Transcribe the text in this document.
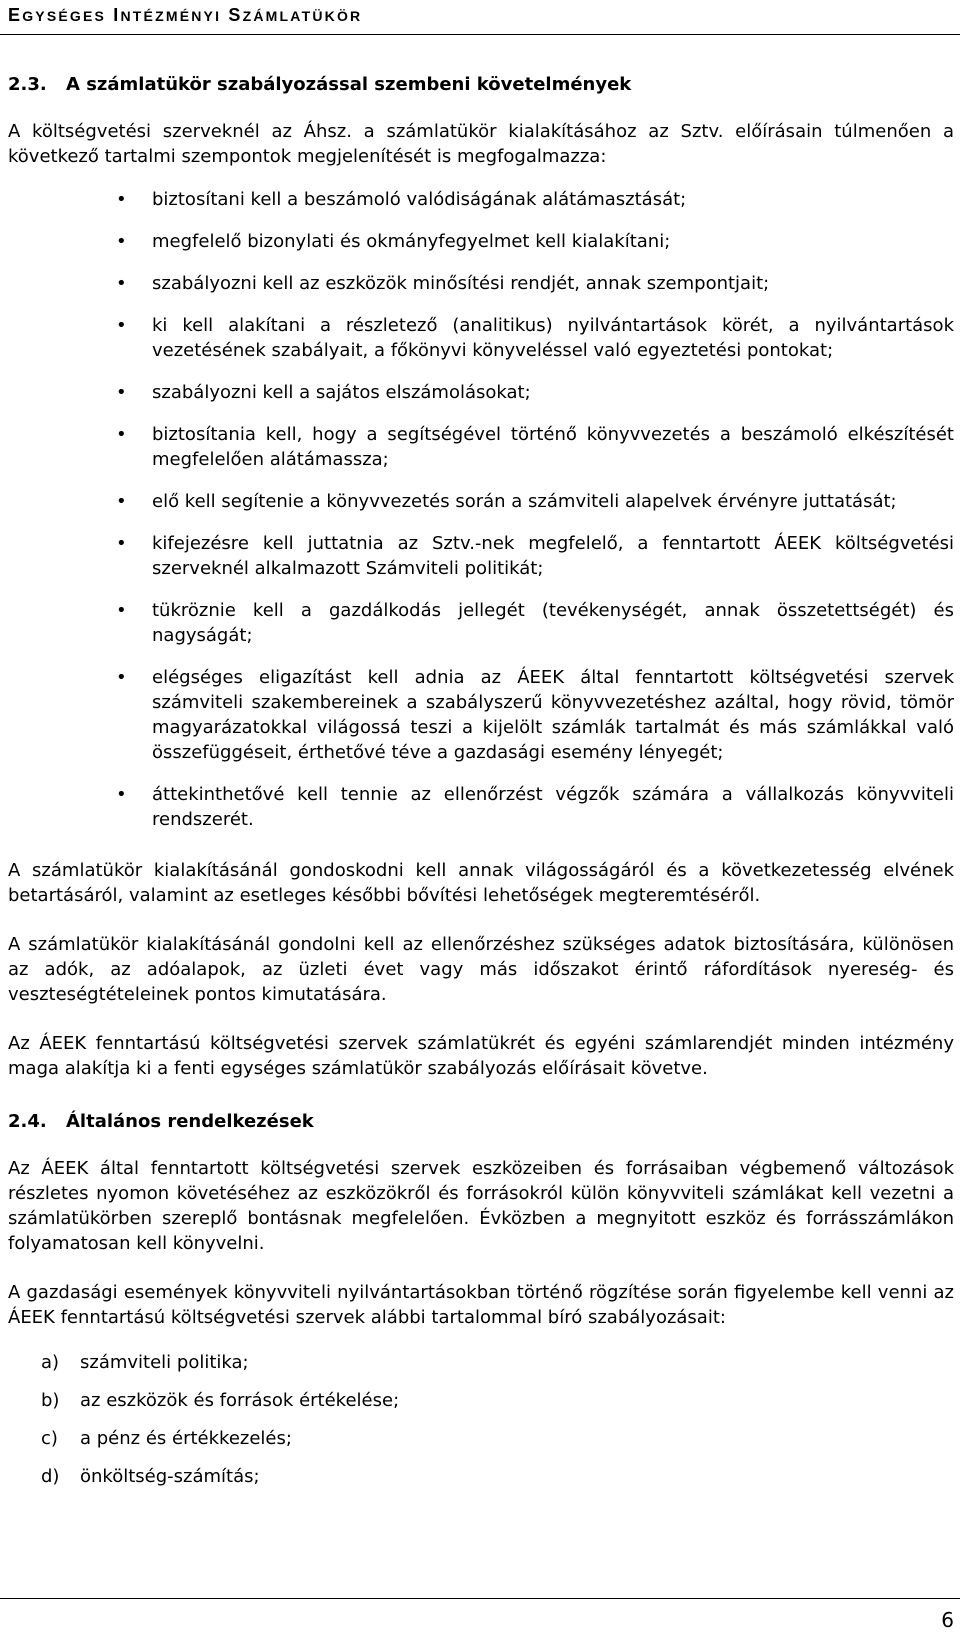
EGYSÉGES INTÉZMÉNYI SZÁMLATÜKÖR
2.3. A számlatükör szabályozással szembeni követelmények

A költségvetési szerveknél az Áhsz. a számlatükör kialakításához az Sztv. előírásain túlmenően a következő tartalmi szempontok megjelenítését is megfogalmazza:

• biztosítani kell a beszámoló valódiságának alátámasztását;
• megfelelő bizonylati és okmányfegyelmet kell kialakítani;
• szabályozni kell az eszközök minősítési rendjét, annak szempontjait;
• ki kell alakítani a részletező (analitikus) nyilvántartások körét, a nyilvántartások vezetésének szabályait, a főkönyvi könyveléssel való egyeztetési pontokat;
• szabályozni kell a sajátos elszámolásokat;
• biztosítania kell, hogy a segítségével történő könyvvezetés a beszámoló elkészítését megfelelően alátámassza;
• elő kell segítenie a könyvvezetés során a számviteli alapelvek érvényre juttatását;
• kifejezésre kell juttatnia az Sztv.-nek megfelelő, a fenntartott ÁEEK költségvetési szerveknél alkalmazott Számviteli politikát;
• tükröznie kell a gazdálkodás jellegét (tevékenységét, annak összetettségét) és nagyságát;
• elégséges eligazítást kell adnia az ÁEEK által fenntartott költségvetési szervek számviteli szakembereinek a szabályszerű könyvvezetéshez azáltal, hogy rövid, tömör magyarázatokkal világossá teszi a kijelölt számlák tartalmát és más számlákkal való összefüggéseit, érthetővé téve a gazdasági esemény lényegét;
• áttekinthetővé kell tennie az ellenőrzést végzők számára a vállalkozás könyvviteli rendszerét.

A számlatükör kialakításánál gondoskodni kell annak világosságáról és a következetesség elvének betartásáról, valamint az esetleges későbbi bővítési lehetőségek megteremtéséről.

A számlatükör kialakításánál gondolni kell az ellenőrzéshez szükséges adatok biztosítására, különösen az adók, az adóalapok, az üzleti évet vagy más időszakot érintő ráfordítások nyereség- és veszteségtételeinek pontos kimutatására.

Az ÁEEK fenntartású költségvetési szervek számlatükrét és egyéni számlarendjét minden intézmény maga alakítja ki a fenti egységes számlatükör szabályozás előírásait követve.

2.4. Általános rendelkezések

Az ÁEEK által fenntartott költségvetési szervek eszközeiben és forrásaiban végbemenő változások részletes nyomon követéséhez az eszközökről és forrásokról külön könyvviteli számlákat kell vezetni a számlatükörben szereplő bontásnak megfelelően. Évközben a megnyitott eszköz és forrásszámlákon folyamatosan kell könyvelni.

A gazdasági események könyvviteli nyilvántartásokban történő rögzítése során figyelembe kell venni az ÁEEK fenntartású költségvetési szervek alábbi tartalommal bíró szabályozásait:

a) számviteli politika;
b) az eszközök és források értékelése;
c) a pénz és értékkezelés;
d) önköltség-számítás;
6
